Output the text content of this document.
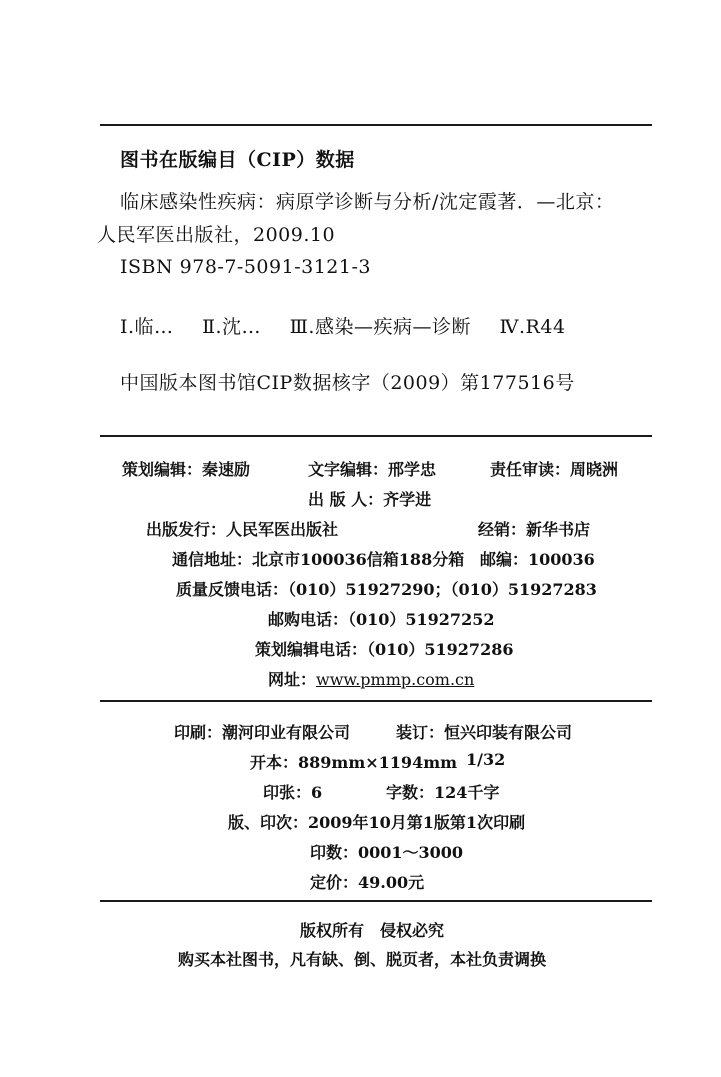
图书在版编目（CIP）数据
临床感染性疾病：病原学诊断与分析/沈定霞著．—北京：
人民军医出版社，2009.10
ISBN 978-7-5091-3121-3
Ⅰ.临… Ⅱ.沈… Ⅲ.感染—疾病—诊断 Ⅳ.R44
中国版本图书馆CIP数据核字（2009）第177516号
策划编辑：秦速励	文字编辑：邢学忠	责任审读：周晓洲
出 版 人：齐学进
出版发行：人民军医出版社	经销：新华书店
通信地址：北京市100036信箱188分箱 邮编：100036
质量反馈电话：（010）51927290；（010）51927283
邮购电话：（010）51927252
策划编辑电话：（010）51927286
网址：www.pmmp.com.cn
印刷：潮河印业有限公司	装订：恒兴印装有限公司
开本：889mm×1194mm 1/32
印张：6	字数：124千字
版、印次：2009年10月第1版第1次印刷
印数：0001～3000
定价：49.00元
版权所有　侵权必究
购买本社图书，凡有缺、倒、脱页者，本社负责调换
